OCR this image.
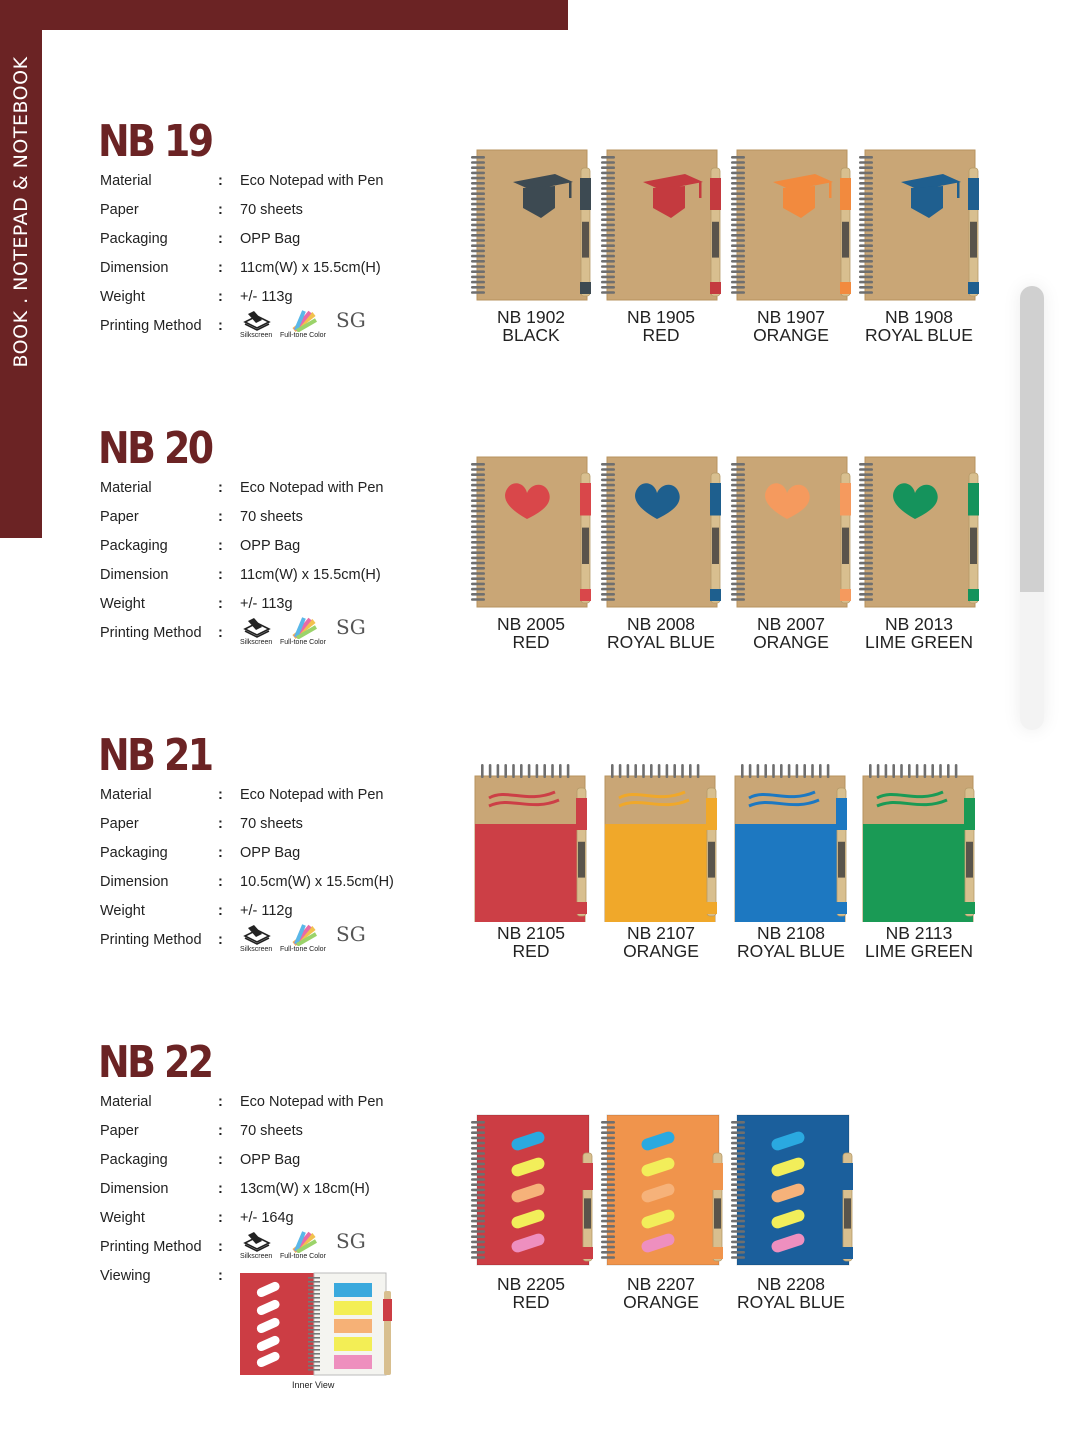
BOOK . NOTEPAD & NOTEBOOK NB 19
Material	: Eco Notepad with Pen
Paper	: 70 sheets
Packaging	: OPP Bag
Dimension	: 11cm(W) x 15.5cm(H)
Weight	: +/- 113g
Printing Method :
Silkscreen Full-tone Color
SG	NB 1902
BLACK
NB 1905
RED
NB 1907
ORANGE
NB 1908
ROYAL BLUE
NB 20
Material	: Eco Notepad with Pen
Paper	: 70 sheets
Packaging	: OPP Bag
Dimension	: 11cm(W) x 15.5cm(H)
Weight	: +/- 113g
Printing Method :
Silkscreen Full-tone Color
SG	NB 2005
RED
NB 2008
ROYAL BLUE
NB 2007
ORANGE
NB 2013
LIME GREEN
NB 21
Material	: Eco Notepad with Pen
Paper	: 70 sheets
Packaging	: OPP Bag
Dimension	: 10.5cm(W) x 15.5cm(H)
Weight	: +/- 112g
Printing Method :
Silkscreen Full-tone Color
SG	NB 2105
RED
NB 2107
ORANGE
NB 2108
ROYAL BLUE
NB 2113
LIME GREEN
NB 22
Material	: Eco Notepad with Pen
Paper	: 70 sheets
Packaging	: OPP Bag
Dimension	: 13cm(W) x 18cm(H)
Weight	: +/- 164g
Printing Method :
Viewing	:
Silkscreen Full-tone Color
SG
NB 2205
RED
NB 2207
ORANGE
NB 2208
ROYAL BLUE
Inner View
